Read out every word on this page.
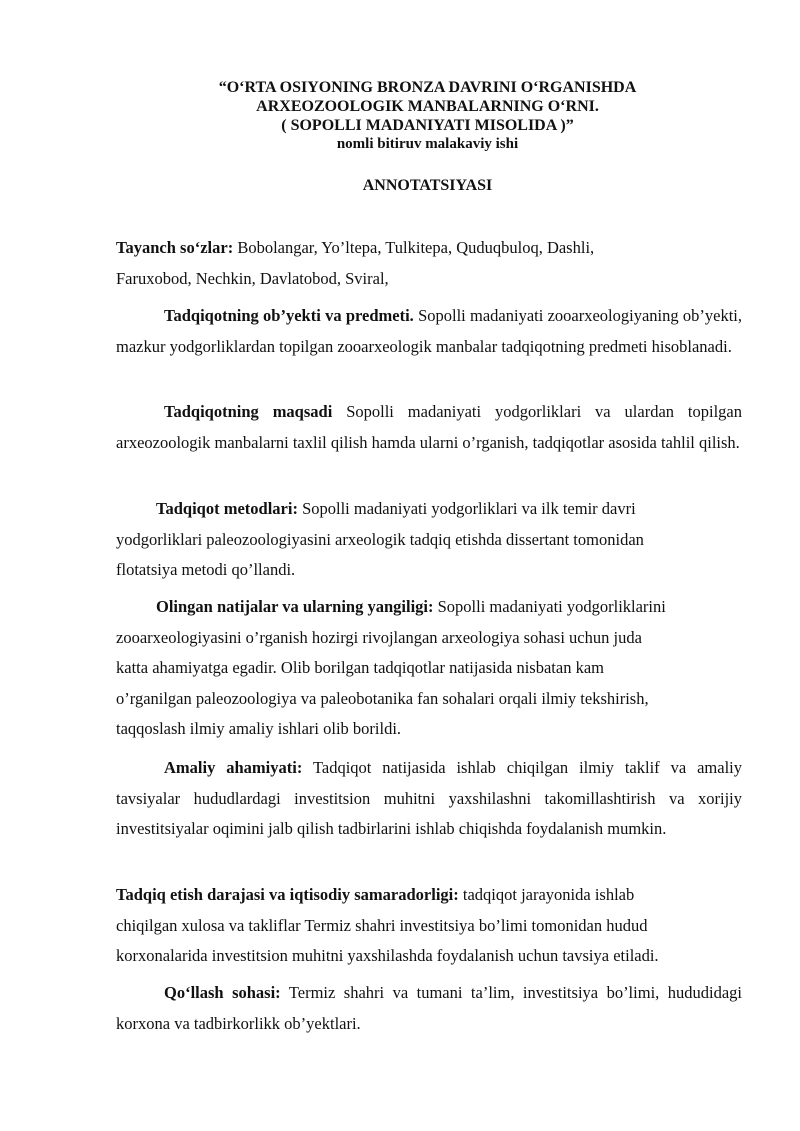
“O‘RTA OSIYONING BRONZA DAVRINI O‘RGANISHDA
ARXEOZOOLOGIK MANBALARNING O‘RNI.
( SOPOLLI MADANIYATI MISOLIDA )”
nomli bitiruv malakaviy ishi
ANNOTATSIYASI

Tayanch so‘zlar: Bobolangar, Yo’ltepa, Tulkitepa, Quduqbuloq, Dashli,

Faruxobod, Nechkin, Davlatobod, Sviral,

Tadqiqotning ob’yekti va predmeti. Sopolli madaniyati zooarxeologiyaning ob’yekti, mazkur yodgorliklardan topilgan zooarxeologik manbalar tadqiqotning predmeti hisoblanadi.

Tadqiqotning maqsadi Sopolli madaniyati yodgorliklari va ulardan topilgan arxeozoologik manbalarni taxlil qilish hamda ularni o’rganish, tadqiqotlar asosida tahlil qilish.

Tadqiqot metodlari: Sopolli madaniyati yodgorliklari va ilk temir davri

yodgorliklari paleozoologiyasini arxeologik tadqiq etishda dissertant tomonidan

flotatsiya metodi qo’llandi.

Olingan natijalar va ularning yangiligi: Sopolli madaniyati yodgorliklarini

zooarxeologiyasini o’rganish hozirgi rivojlangan arxeologiya sohasi uchun juda

katta ahamiyatga egadir. Olib borilgan tadqiqotlar natijasida nisbatan kam

o’rganilgan paleozoologiya va paleobotanika fan sohalari orqali ilmiy tekshirish,

taqqoslash ilmiy amaliy ishlari olib borildi.

Amaliy ahamiyati: Tadqiqot natijasida ishlab chiqilgan ilmiy taklif va amaliy tavsiyalar hududlardagi investitsion muhitni yaxshilashni takomillashtirish va xorijiy investitsiyalar oqimini jalb qilish tadbirlarini ishlab chiqishda foydalanish mumkin.

Tadqiq etish darajasi va iqtisodiy samaradorligi: tadqiqot jarayonida ishlab

chiqilgan xulosa va takliflar Termiz shahri investitsiya bo’limi tomonidan hudud

korxonalarida investitsion muhitni yaxshilashda foydalanish uchun tavsiya etiladi.

Qo‘llash sohasi: Termiz shahri va tumani ta’lim, investitsiya bo’limi, hududidagi korxona va tadbirkorlikk ob’yektlari.
